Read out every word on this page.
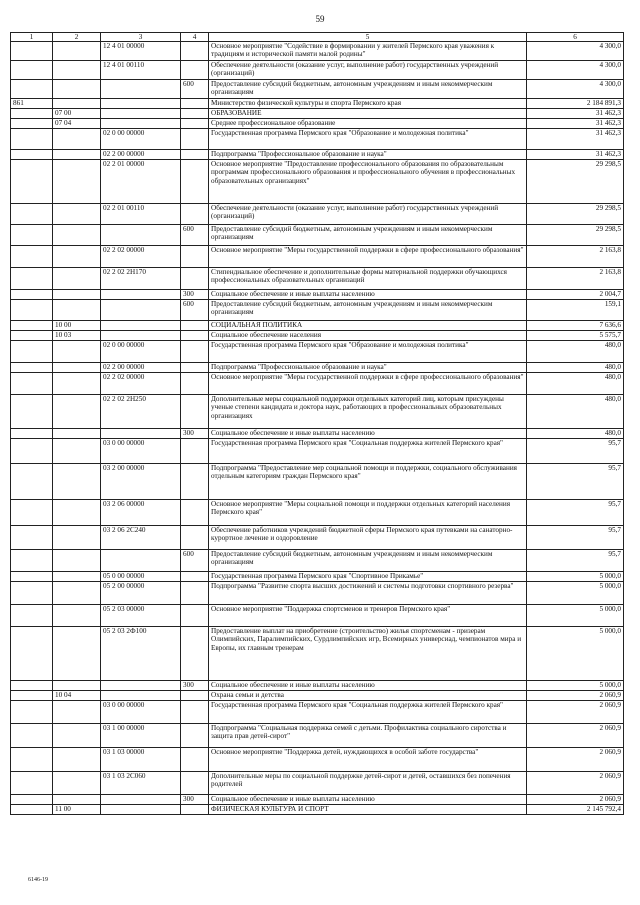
59
1	2	3	4	5	6
		12 4 01 00000		Основное мероприятие "Содействие в формировании у жителей Пермского края уважения к традициям и исторической памяти малой родины"	4 300,0
		12 4 01 00110		Обеспечение деятельности (оказание услуг, выполнение работ) государственных учреждений (организаций)	4 300,0
			600	Предоставление субсидий бюджетным, автономным учреждениям и иным некоммерческим организациям	4 300,0
861				Министерство физической культуры и спорта Пермского края	2 184 891,3
	07 00			ОБРАЗОВАНИЕ	31 462,3
	07 04			Среднее профессиональное образование	31 462,3
		02 0 00 00000		Государственная программа Пермского края "Образование и молодежная политика"	31 462,3
		02 2 00 00000		Подпрограмма "Профессиональное образование и наука"	31 462,3
		02 2 01 00000		Основное мероприятие "Предоставление профессионального образования по образовательным программам профессионального образования и профессионального обучения в профессиональных образовательных организациях"	29 298,5
		02 2 01 00110		Обеспечение деятельности (оказание услуг, выполнение работ) государственных учреждений (организаций)	29 298,5
			600	Предоставление субсидий бюджетным, автономным учреждениям и иным некоммерческим организациям	29 298,5
		02 2 02 00000		Основное мероприятие "Меры государственной поддержки в сфере профессионального образования"	2 163,8
		02 2 02 2Н170		Стипендиальное обеспечение и дополнительные формы материальной поддержки обучающихся профессиональных образовательных организаций	2 163,8
			300	Социальное обеспечение и иные выплаты населению	2 004,7
			600	Предоставление субсидий бюджетным, автономным учреждениям и иным некоммерческим организациям	159,1
	10 00			СОЦИАЛЬНАЯ ПОЛИТИКА	7 636,6
	10 03			Социальное обеспечение населения	5 575,7
		02 0 00 00000		Государственная программа Пермского края "Образование и молодежная политика"	480,0
		02 2 00 00000		Подпрограмма "Профессиональное образование и наука"	480,0
		02 2 02 00000		Основное мероприятие "Меры государственной поддержки в сфере профессионального образования"	480,0
		02 2 02 2Н250		Дополнительные меры социальной поддержки отдельных категорий лиц, которым присуждены ученые степени кандидата и доктора наук, работающих в профессиональных образовательных организациях	480,0
			300	Социальное обеспечение и иные выплаты населению	480,0
		03 0 00 00000		Государственная программа Пермского края "Социальная поддержка жителей Пермского края"	95,7
		03 2 00 00000		Подпрограмма "Предоставление мер социальной помощи и поддержки, социального обслуживания отдельным категориям граждан Пермского края"	95,7
		03 2 06 00000		Основное мероприятие "Меры социальной помощи и поддержки отдельных категорий населения Пермского края"	95,7
		03 2 06 2С240		Обеспечение работников учреждений бюджетной сферы Пермского края путевками на санаторно-курортное лечение и оздоровление	95,7
			600	Предоставление субсидий бюджетным, автономным учреждениям и иным некоммерческим организациям	95,7
		05 0 00 00000		Государственная программа Пермского края "Спортивное Прикамье"	5 000,0
		05 2 00 00000		Подпрограмма "Развитие спорта высших достижений и системы подготовки спортивного резерва"	5 000,0
		05 2 03 00000		Основное мероприятие "Поддержка спортсменов и тренеров Пермского края"	5 000,0
		05 2 03 2Ф100		Предоставление выплат на приобретение (строительство) жилья спортсменам - призерам Олимпийских, Паралимпийских, Сурдлимпийских игр, Всемирных универсиад, чемпионатов мира и Европы, их главным тренерам	5 000,0
			300	Социальное обеспечение и иные выплаты населению	5 000,0
	10 04			Охрана семьи и детства	2 060,9
		03 0 00 00000		Государственная программа Пермского края "Социальная поддержка жителей Пермского края"	2 060,9
		03 1 00 00000		Подпрограмма "Социальная поддержка семей с детьми. Профилактика социального сиротства и защита прав детей-сирот"	2 060,9
		03 1 03 00000		Основное мероприятие "Поддержка детей, нуждающихся в особой заботе государства"	2 060,9
		03 1 03 2С060		Дополнительные меры по социальной поддержке детей-сирот и детей, оставшихся без попечения родителей	2 060,9
			300	Социальное обеспечение и иные выплаты населению	2 060,9
	11 00			ФИЗИЧЕСКАЯ КУЛЬТУРА И СПОРТ	2 145 792,4
6146-19
